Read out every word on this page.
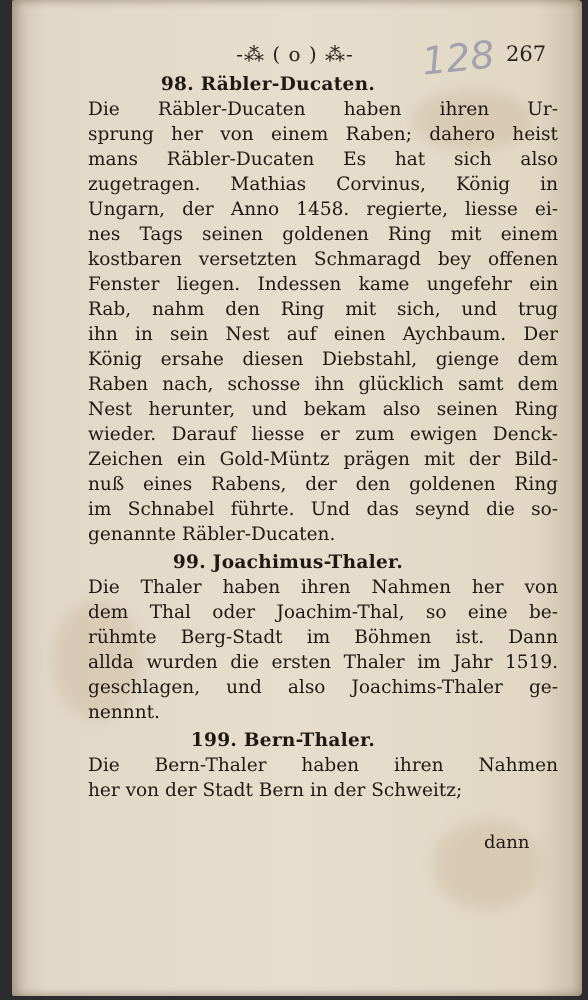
-⁂ ( o ) ⁂-	128 267
98. Räbler-Ducaten.
Die Räbler-Ducaten haben ihren Ur-
sprung her von einem Raben; dahero heist
mans Räbler-Ducaten Es hat sich also
zugetragen. Mathias Corvinus, König in
Ungarn, der Anno 1458. regierte, liesse ei-
nes Tags seinen goldenen Ring mit einem
kostbaren versetzten Schmaragd bey offenen
Fenster liegen. Indessen kame ungefehr ein
Rab, nahm den Ring mit sich, und trug
ihn in sein Nest auf einen Aychbaum. Der
König ersahe diesen Diebstahl, gienge dem
Raben nach, schosse ihn glücklich samt dem
Nest herunter, und bekam also seinen Ring
wieder. Darauf liesse er zum ewigen Denck-
Zeichen ein Gold-Müntz prägen mit der Bild-
nuß eines Rabens, der den goldenen Ring
im Schnabel führte. Und das seynd die so-
genannte Räbler-Ducaten.
99. Joachimus-Thaler.
Die Thaler haben ihren Nahmen her von
dem Thal oder Joachim-Thal, so eine be-
rühmte Berg-Stadt im Böhmen ist. Dann
allda wurden die ersten Thaler im Jahr 1519.
geschlagen, und also Joachims-Thaler ge-
nennnt.
199. Bern-Thaler.
Die Bern-Thaler haben ihren Nahmen
her von der Stadt Bern in der Schweitz;
dann
